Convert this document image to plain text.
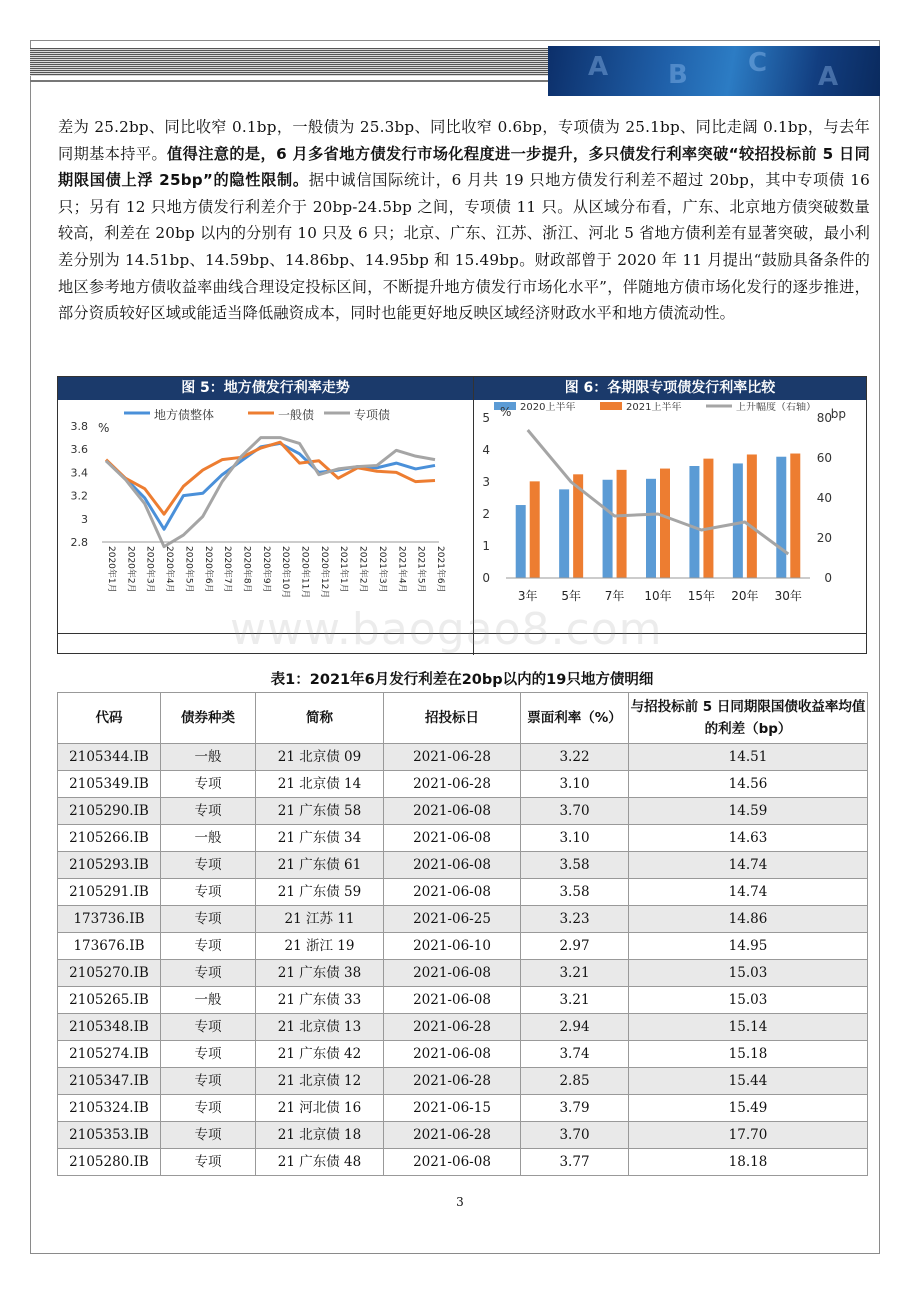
A B C A
差为 25.2bp、同比收窄 0.1bp，一般债为 25.3bp、同比收窄 0.6bp，专项债为 25.1bp、同比走阔 0.1bp，与去年同期基本持平。值得注意的是，6 月多省地方债发行市场化程度进一步提升，多只债发行利率突破“较招投标前 5 日同期限国债上浮 25bp”的隐性限制。据中诚信国际统计，6 月共 19 只地方债发行利差不超过 20bp，其中专项债 16 只；另有 12 只地方债发行利差介于 20bp-24.5bp 之间，专项债 11 只。从区域分布看，广东、北京地方债突破数量较高，利差在 20bp 以内的分别有 10 只及 6 只；北京、广东、江苏、浙江、河北 5 省地方债利差有显著突破，最小利差分别为 14.51bp、14.59bp、14.86bp、14.95bp 和 15.49bp。财政部曾于 2020 年 11 月提出“鼓励具备条件的地区参考地方债收益率曲线合理设定投标区间，不断提升地方债发行市场化水平”，伴随地方债市场化发行的逐步推进，部分资质较好区域或能适当降低融资成本，同时也能更好地反映区域经济财政水平和地方债流动性。
图 5：地方债发行利率走势	图 6：各期限专项债发行利率比较
%
2.8
3
3.2
3.4
3.6
3.8
地方债整体	一般债	专项债
2020年1月 2020年2月 2020年3月 2020年4月 2020年5月 2020年6月 2020年7月 2020年8月 2020年9月 2020年10月 2020年11月 2020年12月 2021年1月 2021年2月 2021年3月 2021年4月 2021年5月 2021年6月
2020上半年	2021上半年	上升幅度（右轴）
%	bp
0
1
2
3
4
5
0
20
40
60
80
3年 5年 7年 10年 15年 20年 30年
www.baogao8.com
表1：2021年6月发行利差在20bp以内的19只地方债明细
代码	债券种类	简称	招投标日	票面利率（%）	与招投标前 5 日同期限国债收益率均值的利差（bp）
2105344.IB	一般	21 北京债 09	2021-06-28	3.22	14.51
2105349.IB	专项	21 北京债 14	2021-06-28	3.10	14.56
2105290.IB	专项	21 广东债 58	2021-06-08	3.70	14.59
2105266.IB	一般	21 广东债 34	2021-06-08	3.10	14.63
2105293.IB	专项	21 广东债 61	2021-06-08	3.58	14.74
2105291.IB	专项	21 广东债 59	2021-06-08	3.58	14.74
173736.IB	专项	21 江苏 11	2021-06-25	3.23	14.86
173676.IB	专项	21 浙江 19	2021-06-10	2.97	14.95
2105270.IB	专项	21 广东债 38	2021-06-08	3.21	15.03
2105265.IB	一般	21 广东债 33	2021-06-08	3.21	15.03
2105348.IB	专项	21 北京债 13	2021-06-28	2.94	15.14
2105274.IB	专项	21 广东债 42	2021-06-08	3.74	15.18
2105347.IB	专项	21 北京债 12	2021-06-28	2.85	15.44
2105324.IB	专项	21 河北债 16	2021-06-15	3.79	15.49
2105353.IB	专项	21 北京债 18	2021-06-28	3.70	17.70
2105280.IB	专项	21 广东债 48	2021-06-08	3.77	18.18
3
